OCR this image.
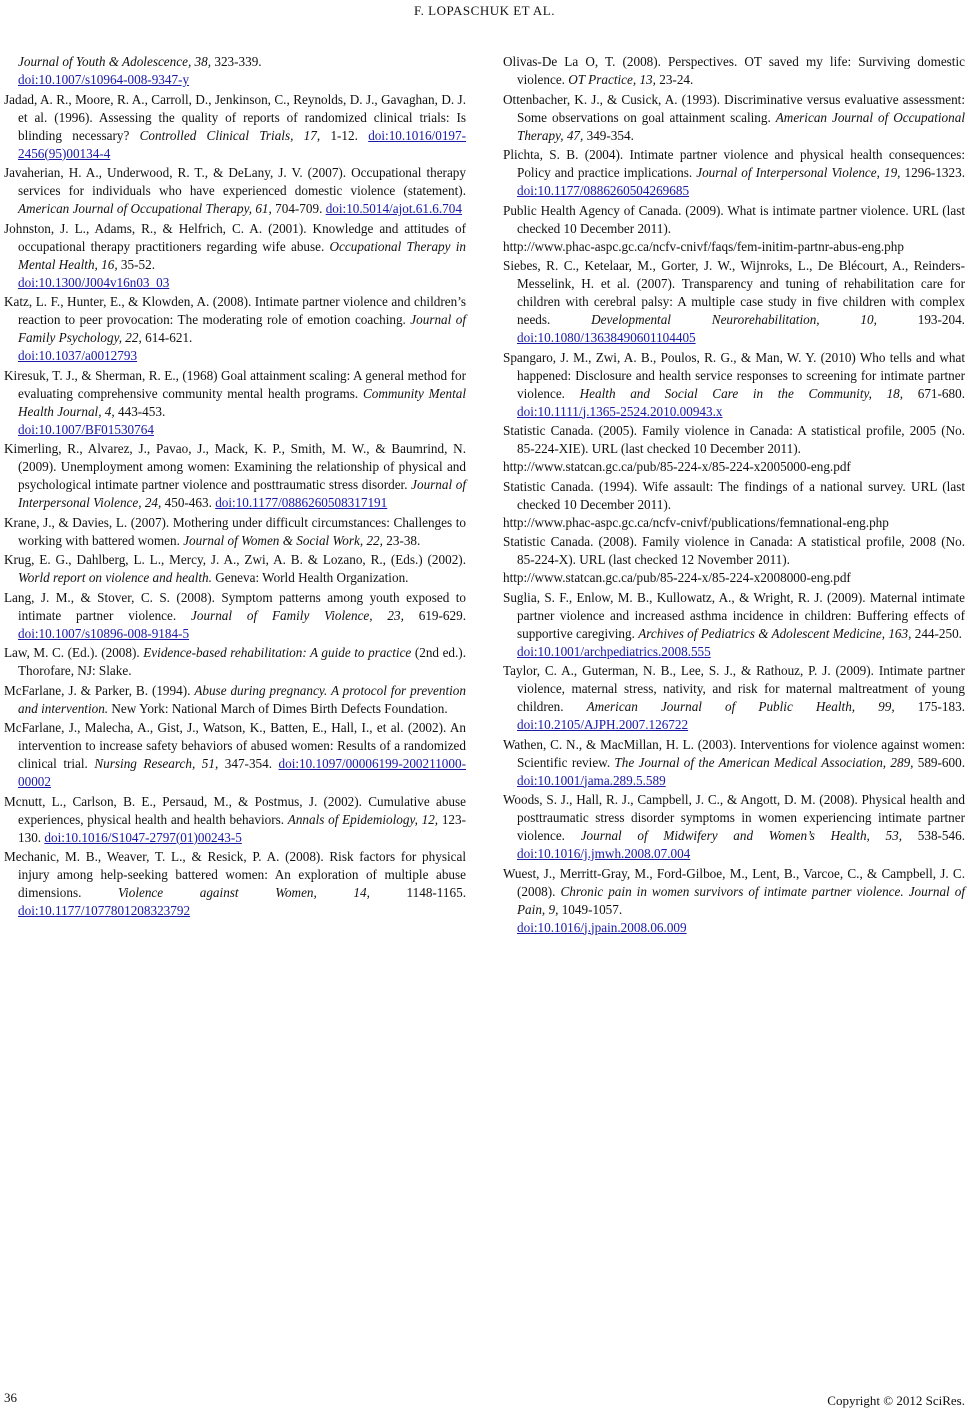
F. LOPASCHUK ET AL.

Journal of Youth & Adolescence, 38, 323-339.
doi:10.1007/s10964-008-9347-y

Jadad, A. R., Moore, R. A., Carroll, D., Jenkinson, C., Reynolds, D. J., Gavaghan, D. J. et al. (1996). Assessing the quality of reports of randomized clinical trials: Is blinding necessary? Controlled Clinical Trials, 17, 1-12. doi:10.1016/0197-2456(95)00134-4

Javaherian, H. A., Underwood, R. T., & DeLany, J. V. (2007). Occupational therapy services for individuals who have experienced domestic violence (statement). American Journal of Occupational Therapy, 61, 704-709. doi:10.5014/ajot.61.6.704

Johnston, J. L., Adams, R., & Helfrich, C. A. (2001). Knowledge and attitudes of occupational therapy practitioners regarding wife abuse. Occupational Therapy in Mental Health, 16, 35-52.
doi:10.1300/J004v16n03_03

Katz, L. F., Hunter, E., & Klowden, A. (2008). Intimate partner violence and children’s reaction to peer provocation: The moderating role of emotion coaching. Journal of Family Psychology, 22, 614-621.
doi:10.1037/a0012793

Kiresuk, T. J., & Sherman, R. E., (1968) Goal attainment scaling: A general method for evaluating comprehensive community mental health programs. Community Mental Health Journal, 4, 443-453.
doi:10.1007/BF01530764

Kimerling, R., Alvarez, J., Pavao, J., Mack, K. P., Smith, M. W., & Baumrind, N. (2009). Unemployment among women: Examining the relationship of physical and psychological intimate partner violence and posttraumatic stress disorder. Journal of Interpersonal Violence, 24, 450-463. doi:10.1177/0886260508317191

Krane, J., & Davies, L. (2007). Mothering under difficult circumstances: Challenges to working with battered women. Journal of Women & Social Work, 22, 23-38.

Krug, E. G., Dahlberg, L. L., Mercy, J. A., Zwi, A. B. & Lozano, R., (Eds.) (2002). World report on violence and health. Geneva: World Health Organization.

Lang, J. M., & Stover, C. S. (2008). Symptom patterns among youth exposed to intimate partner violence. Journal of Family Violence, 23, 619-629. doi:10.1007/s10896-008-9184-5

Law, M. C. (Ed.). (2008). Evidence-based rehabilitation: A guide to practice (2nd ed.). Thorofare, NJ: Slake.

McFarlane, J. & Parker, B. (1994). Abuse during pregnancy. A protocol for prevention and intervention. New York: National March of Dimes Birth Defects Foundation.

McFarlane, J., Malecha, A., Gist, J., Watson, K., Batten, E., Hall, I., et al. (2002). An intervention to increase safety behaviors of abused women: Results of a randomized clinical trial. Nursing Research, 51, 347-354. doi:10.1097/00006199-200211000-00002

Mcnutt, L., Carlson, B. E., Persaud, M., & Postmus, J. (2002). Cumulative abuse experiences, physical health and health behaviors. Annals of Epidemiology, 12, 123-130. doi:10.1016/S1047-2797(01)00243-5

Mechanic, M. B., Weaver, T. L., & Resick, P. A. (2008). Risk factors for physical injury among help-seeking battered women: An exploration of multiple abuse dimensions. Violence against Women, 14, 1148-1165. doi:10.1177/1077801208323792

Olivas-De La O, T. (2008). Perspectives. OT saved my life: Surviving domestic violence. OT Practice, 13, 23-24.

Ottenbacher, K. J., & Cusick, A. (1993). Discriminative versus evaluative assessment: Some observations on goal attainment scaling. American Journal of Occupational Therapy, 47, 349-354.

Plichta, S. B. (2004). Intimate partner violence and physical health consequences: Policy and practice implications. Journal of Interpersonal Violence, 19, 1296-1323. doi:10.1177/0886260504269685

Public Health Agency of Canada. (2009). What is intimate partner violence. URL (last checked 10 December 2011).
http://www.phac-aspc.gc.ca/ncfv-cnivf/faqs/fem-initim-partnr-abus-eng.php

Siebes, R. C., Ketelaar, M., Gorter, J. W., Wijnroks, L., De Blécourt, A., Reinders-Messelink, H. et al. (2007). Transparency and tuning of rehabilitation care for children with cerebral palsy: A multiple case study in five children with complex needs. Developmental Neurorehabilitation, 10, 193-204. doi:10.1080/13638490601104405

Spangaro, J. M., Zwi, A. B., Poulos, R. G., & Man, W. Y. (2010) Who tells and what happened: Disclosure and health service responses to screening for intimate partner violence. Health and Social Care in the Community, 18, 671-680. doi:10.1111/j.1365-2524.2010.00943.x

Statistic Canada. (2005). Family violence in Canada: A statistical profile, 2005 (No. 85-224-XIE). URL (last checked 10 December 2011).
http://www.statcan.gc.ca/pub/85-224-x/85-224-x2005000-eng.pdf

Statistic Canada. (1994). Wife assault: The findings of a national survey. URL (last checked 10 December 2011).
http://www.phac-aspc.gc.ca/ncfv-cnivf/publications/femnational-eng.php

Statistic Canada. (2008). Family violence in Canada: A statistical profile, 2008 (No. 85-224-X). URL (last checked 12 November 2011).
http://www.statcan.gc.ca/pub/85-224-x/85-224-x2008000-eng.pdf

Suglia, S. F., Enlow, M. B., Kullowatz, A., & Wright, R. J. (2009). Maternal intimate partner violence and increased asthma incidence in children: Buffering effects of supportive caregiving. Archives of Pediatrics & Adolescent Medicine, 163, 244-250.
doi:10.1001/archpediatrics.2008.555

Taylor, C. A., Guterman, N. B., Lee, S. J., & Rathouz, P. J. (2009). Intimate partner violence, maternal stress, nativity, and risk for maternal maltreatment of young children. American Journal of Public Health, 99, 175-183. doi:10.2105/AJPH.2007.126722

Wathen, C. N., & MacMillan, H. L. (2003). Interventions for violence against women: Scientific review. The Journal of the American Medical Association, 289, 589-600. doi:10.1001/jama.289.5.589

Woods, S. J., Hall, R. J., Campbell, J. C., & Angott, D. M. (2008). Physical health and posttraumatic stress disorder symptoms in women experiencing intimate partner violence. Journal of Midwifery and Women’s Health, 53, 538-546. doi:10.1016/j.jmwh.2008.07.004

Wuest, J., Merritt-Gray, M., Ford-Gilboe, M., Lent, B., Varcoe, C., & Campbell, J. C. (2008). Chronic pain in women survivors of intimate partner violence. Journal of Pain, 9, 1049-1057.
doi:10.1016/j.jpain.2008.06.009

36	Copyright © 2012 SciRes.
